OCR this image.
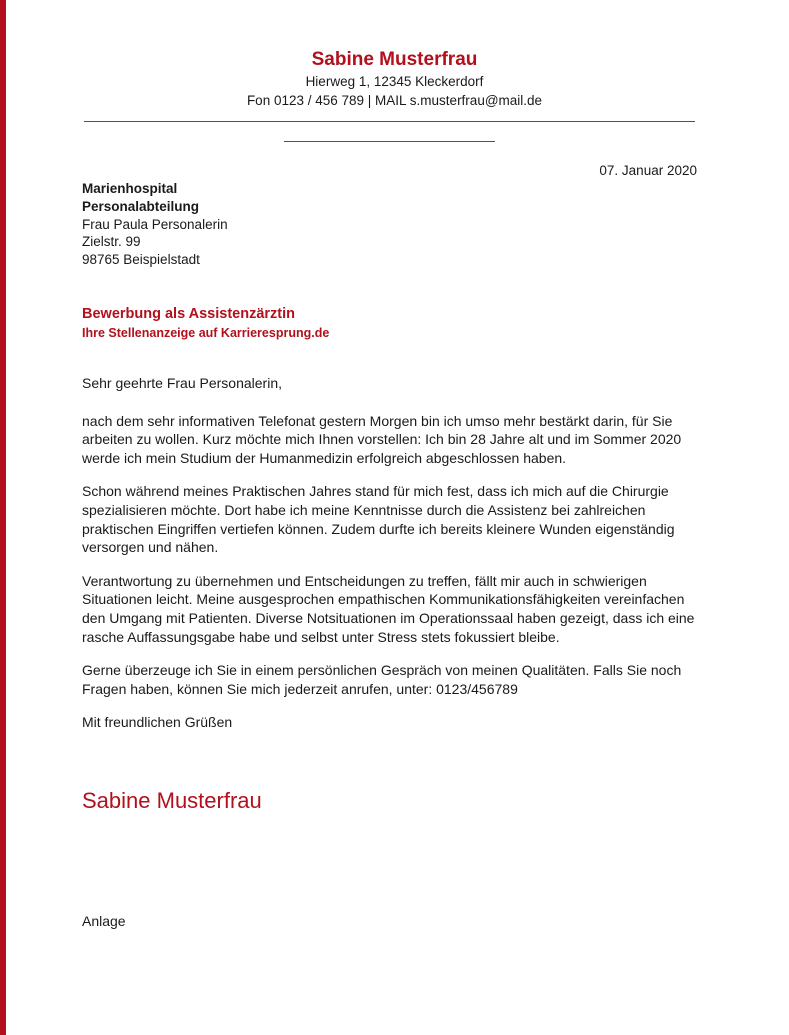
Sabine Musterfrau
Hierweg 1, 12345 Kleckerdorf
Fon 0123 / 456 789 | MAIL s.musterfrau@mail.de
07. Januar 2020
Marienhospital
Personalabteilung
Frau Paula Personalerin
Zielstr. 99
98765 Beispielstadt
Bewerbung als Assistenzärztin
Ihre Stellenanzeige auf Karrieresprung.de

Sehr geehrte Frau Personalerin,

nach dem sehr informativen Telefonat gestern Morgen bin ich umso mehr bestärkt darin, für Sie arbeiten zu wollen. Kurz möchte mich Ihnen vorstellen: Ich bin 28 Jahre alt und im Sommer 2020 werde ich mein Studium der Humanmedizin erfolgreich abgeschlossen haben.

Schon während meines Praktischen Jahres stand für mich fest, dass ich mich auf die Chirurgie spezialisieren möchte. Dort habe ich meine Kenntnisse durch die Assistenz bei zahlreichen praktischen Eingriffen vertiefen können. Zudem durfte ich bereits kleinere Wunden eigenständig versorgen und nähen.

Verantwortung zu übernehmen und Entscheidungen zu treffen, fällt mir auch in schwierigen Situationen leicht. Meine ausgesprochen empathischen Kommunikationsfähigkeiten vereinfachen den Umgang mit Patienten. Diverse Notsituationen im Operationssaal haben gezeigt, dass ich eine rasche Auffassungsgabe habe und selbst unter Stress stets fokussiert bleibe.

Gerne überzeuge ich Sie in einem persönlichen Gespräch von meinen Qualitäten. Falls Sie noch Fragen haben, können Sie mich jederzeit anrufen, unter: 0123/456789

Mit freundlichen Grüßen

Sabine Musterfrau
Anlage
